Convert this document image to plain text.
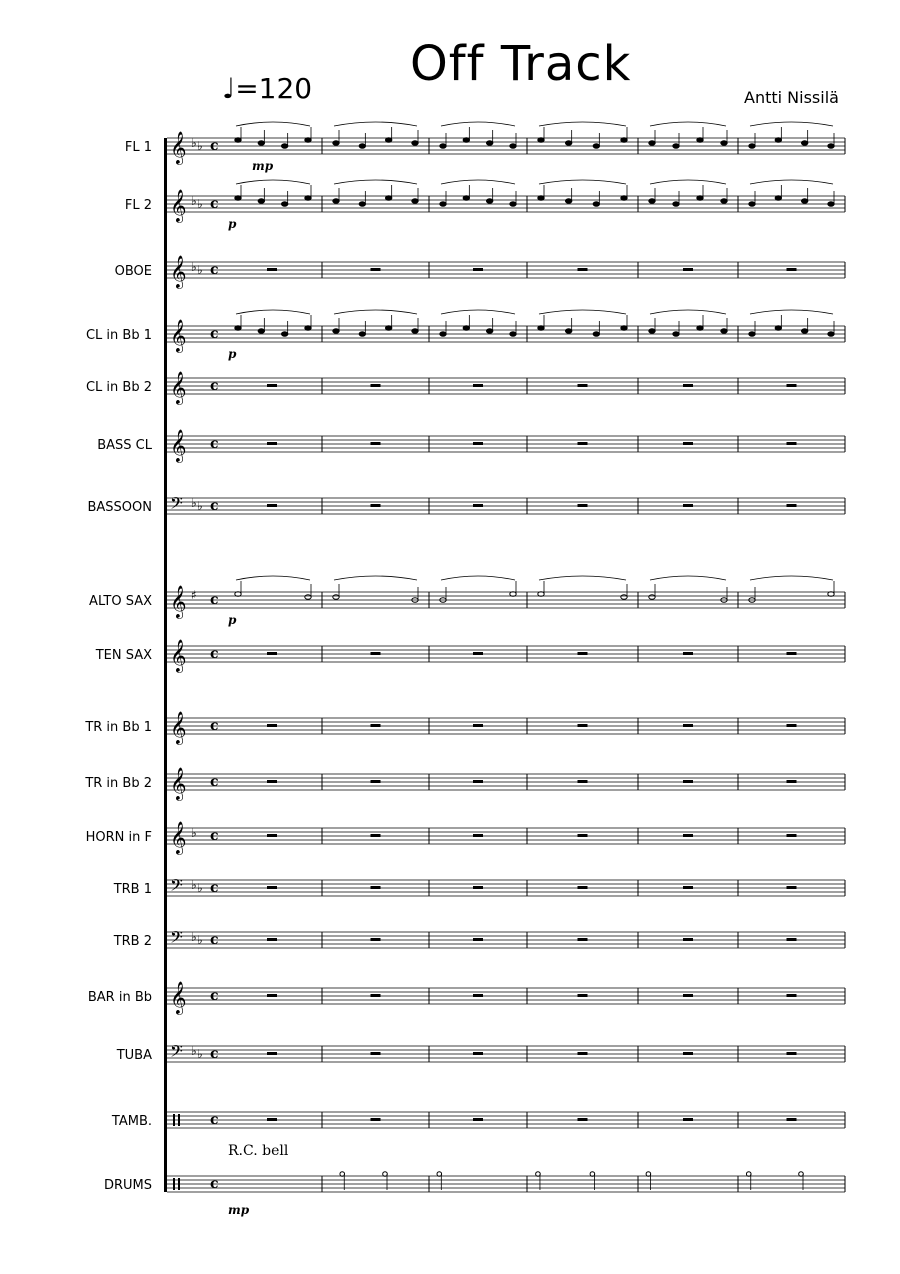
♩=120 Off Track
Antti Nissilä
FL 1
FL 2
OBOE
CL in Bb 1
CL in Bb 2
BASS CL
BASSOON
ALTO SAX
TEN SAX
TR in Bb 1
TR in Bb 2
HORN in F
TRB 1
TRB 2
BAR in Bb
TUBA
TAMB.
DRUMS
R.C. bell
𝄞 ♭ ♭ c
mp
𝄞 ♭ ♭ c
p
𝄞 ♭ ♭ c
𝄞 c
p
𝄞 c
𝄞 c
𝄢 ♭ ♭ c
𝄞 ♯ c
p
𝄞 c
𝄞 c
𝄞 c
𝄞 ♭ c
𝄢 ♭ ♭ c
𝄢 ♭ ♭ c
𝄞 c
𝄢 ♭ ♭ c
c
c
mp
